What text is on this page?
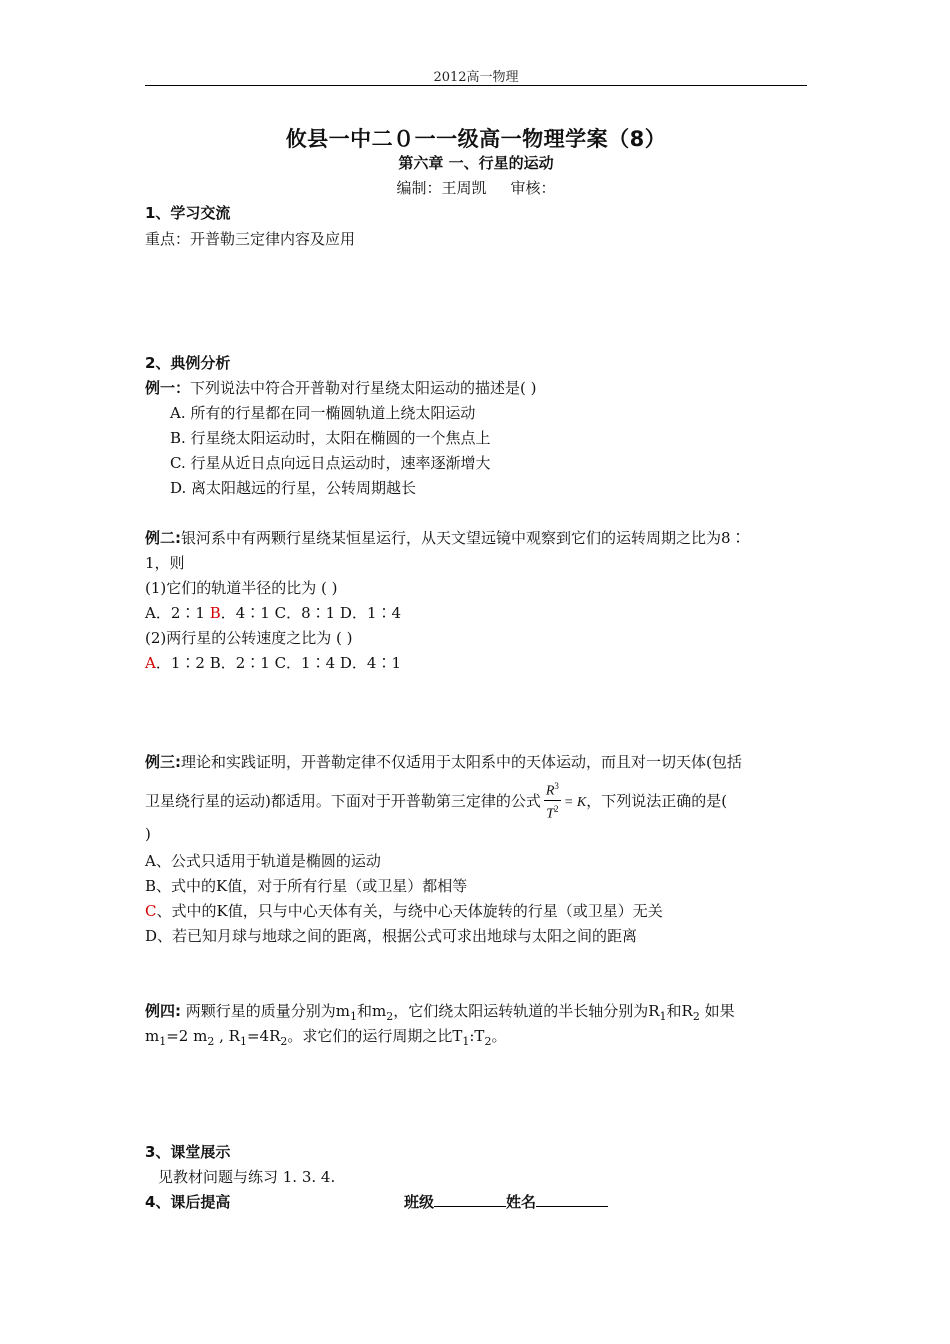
2012高一物理
攸县一中二０一一级高一物理学案（8）
第六章 一、行星的运动
编制：王周凯 审核：
1、学习交流
重点：开普勒三定律内容及应用
2、典例分析
例一：下列说法中符合开普勒对行星绕太阳运动的描述是( )
A. 所有的行星都在同一椭圆轨道上绕太阳运动
B. 行星绕太阳运动时，太阳在椭圆的一个焦点上
C. 行星从近日点向远日点运动时，速率逐渐增大
D. 离太阳越远的行星，公转周期越长
例二:银河系中有两颗行星绕某恒星运行，从天文望远镜中观察到它们的运转周期之比为8∶
1，则
(1)它们的轨道半径的比为 ( )
A．2∶1 B．4∶1 C．8∶1 D．1∶4
(2)两行星的公转速度之比为 ( )
A．1∶2 B．2∶1 C．1∶4 D．4∶1
例三:理论和实践证明，开普勒定律不仅适用于太阳系中的天体运动，而且对一切天体(包括
卫星绕行星的运动)都适用。下面对于开普勒第三定律的公式 $\frac{R^3}{T^2} = K$，下列说法正确的是(
)
A、公式只适用于轨道是椭圆的运动
B、式中的K值，对于所有行星（或卫星）都相等
C、式中的K值，只与中心天体有关，与绕中心天体旋转的行星（或卫星）无关
D、若已知月球与地球之间的距离，根据公式可求出地球与太阳之间的距离
例四: 两颗行星的质量分别为$m_1$和$m_2$，它们绕太阳运转轨道的半长轴分别为$R_1$和$R_2$ 如果
$m_1=2$ $m_2$ , $R_1=4R_2$。求它们的运行周期之比$T_1:T_2$。
3、课堂展示
见教材问题与练习 1. 3. 4.
4、课后提高	班级	姓名
